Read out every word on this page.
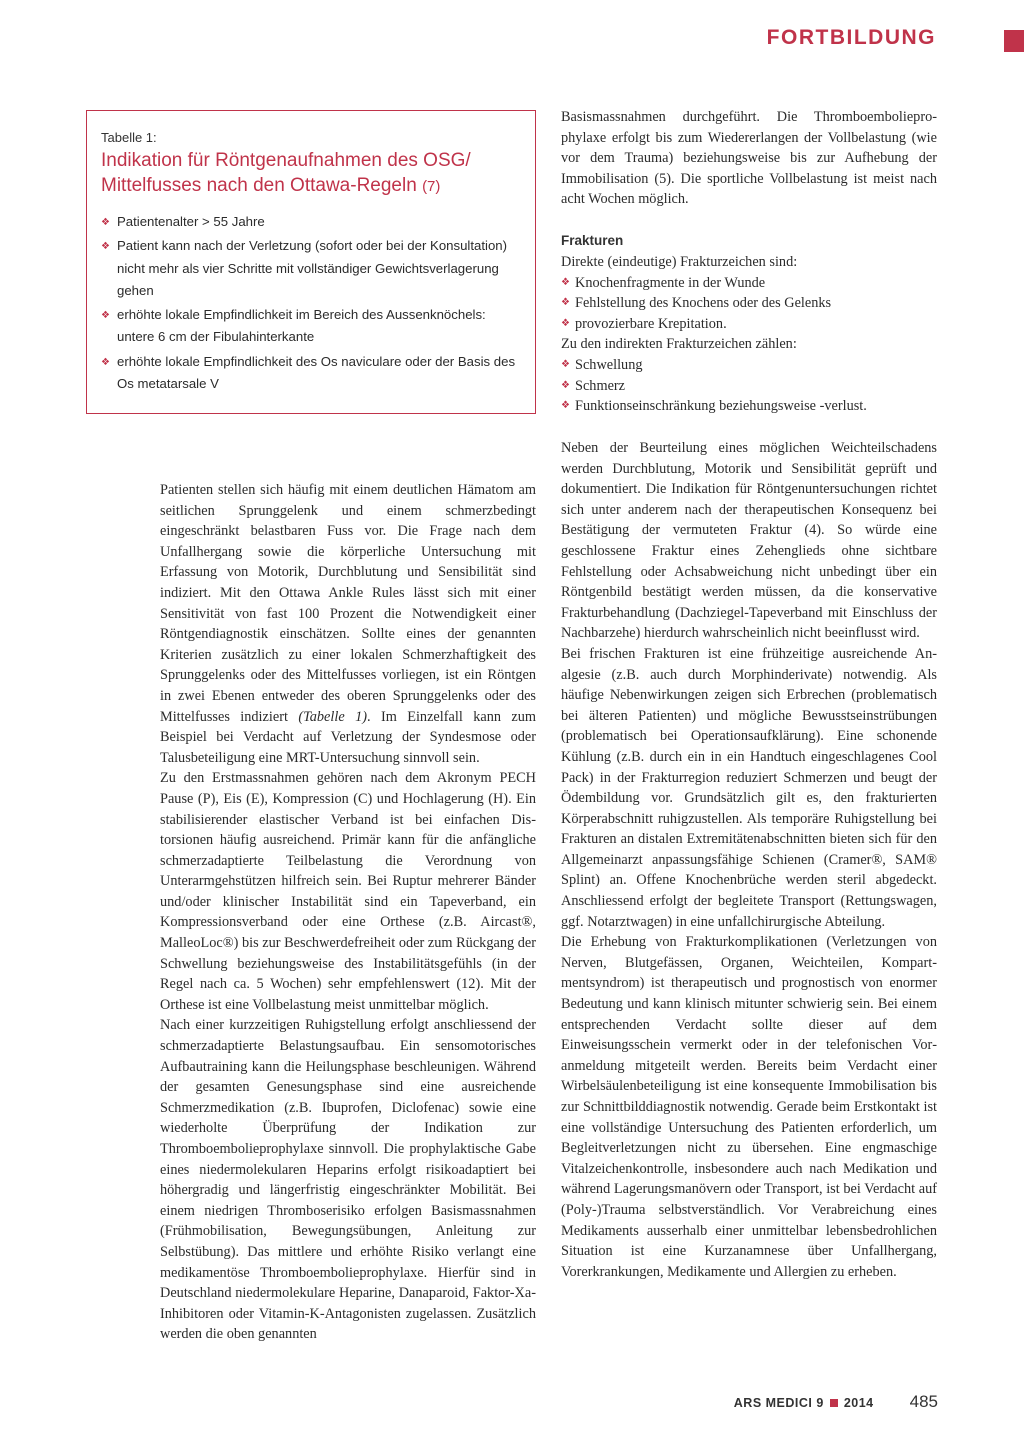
FORTBILDUNG
Tabelle 1:
Indikation für Röntgenaufnahmen des OSG/ Mittelfusses nach den Ottawa-Regeln (7)
❖ Patientenalter > 55 Jahre
❖ Patient kann nach der Verletzung (sofort oder bei der Konsultation) nicht mehr als vier Schritte mit vollständiger Gewichtsverlagerung gehen
❖ erhöhte lokale Empfindlichkeit im Bereich des Aussenknöchels: untere 6 cm der Fibulahinterkante
❖ erhöhte lokale Empfindlichkeit des Os naviculare oder der Basis des Os metatarsale V

Patienten stellen sich häufig mit einem deutlichen Hämatom am seitlichen Sprunggelenk und einem schmerzbedingt eingeschränkt belastbaren Fuss vor. Die Frage nach dem Unfallhergang sowie die körperliche Untersuchung mit Erfassung von Motorik, Durchblutung und Sensibilität sind indiziert. Mit den Ottawa Ankle Rules lässt sich mit einer Sensitivität von fast 100 Prozent die Notwendigkeit einer Röntgendiagnostik einschätzen. Sollte eines der genannten Kriterien zusätzlich zu einer lokalen Schmerzhaftigkeit des Sprunggelenks oder des Mittelfusses vorliegen, ist ein Röntgen in zwei Ebenen entweder des oberen Sprunggelenks oder des Mittelfusses indiziert (Tabelle 1). Im Einzelfall kann zum Beispiel bei Verdacht auf Verletzung der Syndesmose oder Talusbeteiligung eine MRT-Untersuchung sinnvoll sein.

Zu den Erstmassnahmen gehören nach dem Akronym PECH Pause (P), Eis (E), Kompression (C) und Hochlagerung (H). Ein stabilisierender elastischer Verband ist bei einfachen Distorsionen häufig ausreichend. Primär kann für die anfängliche schmerzadaptierte Teilbelastung die Verordnung von Unterarmgehstützen hilfreich sein. Bei Ruptur mehrerer Bänder und/oder klinischer Instabilität sind ein Tapeverband, ein Kompressionsverband oder eine Orthese (z.B. Aircast®, MalleoLoc®) bis zur Beschwerdefreiheit oder zum Rückgang der Schwellung beziehungsweise des Instabilitätsgefühls (in der Regel nach ca. 5 Wochen) sehr empfehlenswert (12). Mit der Orthese ist eine Vollbelastung meist unmittelbar möglich.

Nach einer kurzzeitigen Ruhigstellung erfolgt anschliessend der schmerzadaptierte Belastungsaufbau. Ein sensomotorisches Aufbautraining kann die Heilungsphase beschleunigen. Während der gesamten Genesungsphase sind eine ausreichende Schmerzmedikation (z.B. Ibuprofen, Diclofenac) sowie eine wiederholte Überprüfung der Indikation zur Thromboembolieprophylaxe sinnvoll. Die prophylaktische Gabe eines niedermolekularen Heparins erfolgt risikoadaptiert bei höhergradig und längerfristig eingeschränkter Mobilität. Bei einem niedrigen Thromboserisiko erfolgen Basismassnahmen (Frühmobilisation, Bewegungsübungen, Anleitung zur Selbstübung). Das mittlere und erhöhte Risiko verlangt eine medikamentöse Thromboembolieprophylaxe. Hierfür sind in Deutschland niedermolekulare Heparine, Danaparoid, Faktor-Xa-Inhibitoren oder Vitamin-K-Antagonisten zugelassen. Zusätzlich werden die oben genannten

Basismassnahmen durchgeführt. Die Thromboembolieprophylaxe erfolgt bis zum Wiedererlangen der Vollbelastung (wie vor dem Trauma) beziehungsweise bis zur Aufhebung der Immobilisation (5). Die sportliche Vollbelastung ist meist nach acht Wochen möglich.

Frakturen

Direkte (eindeutige) Frakturzeichen sind:

❖ Knochenfragmente in der Wunde
❖ Fehlstellung des Knochens oder des Gelenks
❖ provozierbare Krepitation.

Zu den indirekten Frakturzeichen zählen:

❖ Schwellung
❖ Schmerz
❖ Funktionseinschränkung beziehungsweise -verlust.

Neben der Beurteilung eines möglichen Weichteilschadens werden Durchblutung, Motorik und Sensibilität geprüft und dokumentiert. Die Indikation für Röntgenuntersuchungen richtet sich unter anderem nach der therapeutischen Konsequenz bei Bestätigung der vermuteten Fraktur (4). So würde eine geschlossene Fraktur eines Zehenglieds ohne sichtbare Fehlstellung oder Achsabweichung nicht unbedingt über ein Röntgenbild bestätigt werden müssen, da die konservative Frakturbehandlung (Dachziegel-Tapeverband mit Einschluss der Nachbarzehe) hierdurch wahrscheinlich nicht beeinflusst wird.

Bei frischen Frakturen ist eine frühzeitige ausreichende Analgesie (z.B. auch durch Morphinderivate) notwendig. Als häufige Nebenwirkungen zeigen sich Erbrechen (problematisch bei älteren Patienten) und mögliche Bewusstseinstrübungen (problematisch bei Operationsaufklärung). Eine schonende Kühlung (z.B. durch ein in ein Handtuch eingeschlagenes Cool Pack) in der Frakturregion reduziert Schmerzen und beugt der Ödembildung vor. Grundsätzlich gilt es, den frakturierten Körperabschnitt ruhigzustellen. Als temporäre Ruhigstellung bei Frakturen an distalen Extremitätenabschnitten bieten sich für den Allgemeinarzt anpassungsfähige Schienen (Cramer®, SAM® Splint) an. Offene Knochenbrüche werden steril abgedeckt. Anschliessend erfolgt der begleitete Transport (Rettungswagen, ggf. Notarztwagen) in eine unfallchirurgische Abteilung.

Die Erhebung von Frakturkomplikationen (Verletzungen von Nerven, Blutgefässen, Organen, Weichteilen, Kompartmentsyndrom) ist therapeutisch und prognostisch von enormer Bedeutung und kann klinisch mitunter schwierig sein. Bei einem entsprechenden Verdacht sollte dieser auf dem Einweisungsschein vermerkt oder in der telefonischen Voranmeldung mitgeteilt werden. Bereits beim Verdacht einer Wirbelsäulenbeteiligung ist eine konsequente Immobilisation bis zur Schnittbilddiagnostik notwendig. Gerade beim Erstkontakt ist eine vollständige Untersuchung des Patienten erforderlich, um Begleitverletzungen nicht zu übersehen. Eine engmaschige Vitalzeichenkontrolle, insbesondere auch nach Medikation und während Lagerungsmanövern oder Transport, ist bei Verdacht auf (Poly-)Trauma selbstverständlich. Vor Verabreichung eines Medikaments ausserhalb einer unmittelbar lebensbedrohlichen Situation ist eine Kurzanamnese über Unfallhergang, Vorerkrankungen, Medikamente und Allergien zu erheben.

ARS MEDICI 9 2014 485
